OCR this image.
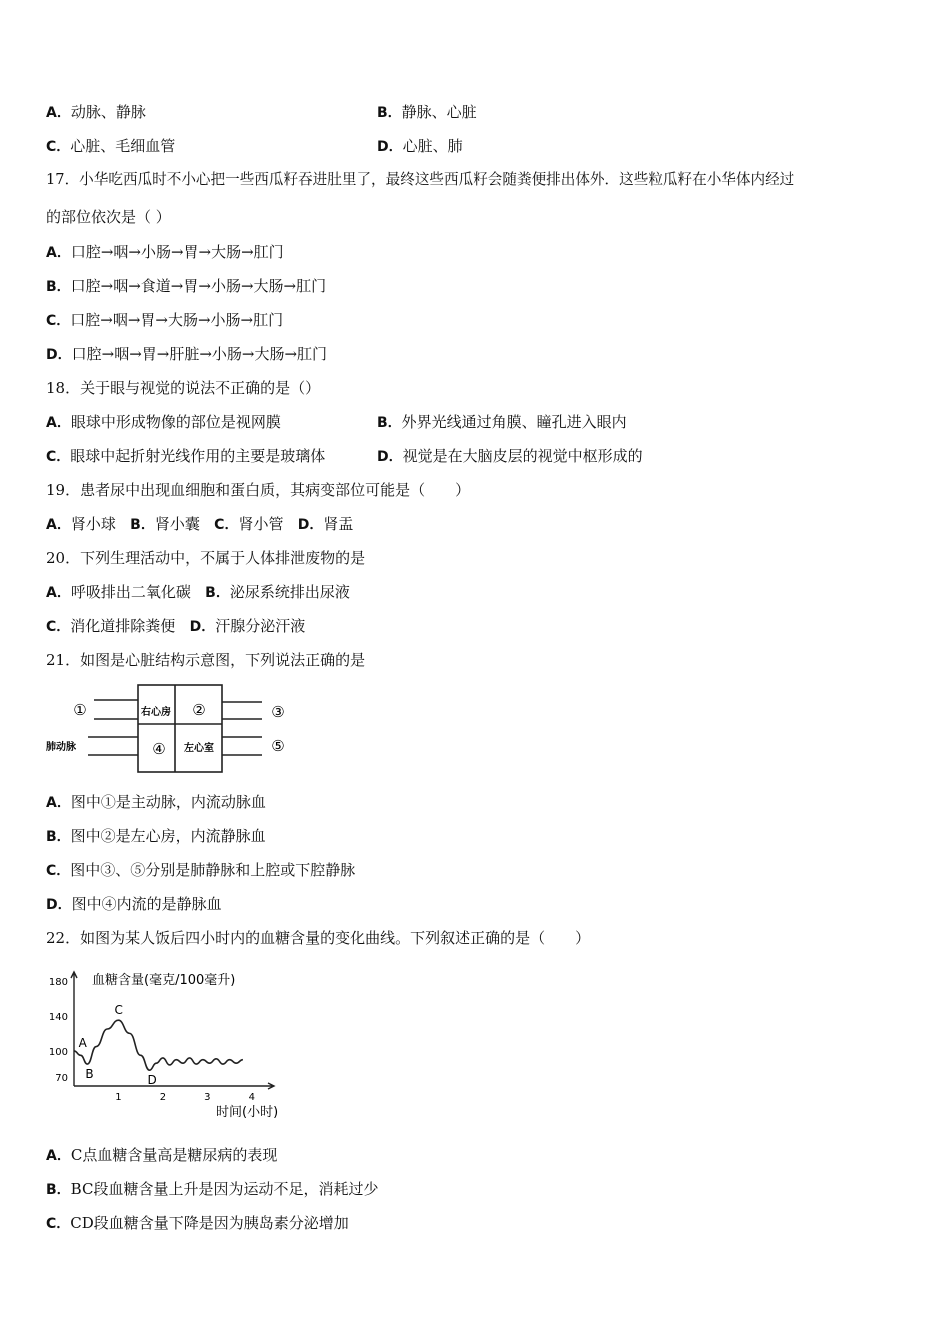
A．动脉、静脉	B．静脉、心脏
C．心脏、毛细血管	D．心脏、肺
17．小华吃西瓜时不小心把一些西瓜籽吞进肚里了，最终这些西瓜籽会随粪便排出体外．这些粒瓜籽在小华体内经过
的部位依次是（ ）
A．口腔→咽→小肠→胃→大肠→肛门
B．口腔→咽→食道→胃→小肠→大肠→肛门
C．口腔→咽→胃→大肠→小肠→肛门
D．口腔→咽→胃→肝脏→小肠→大肠→肛门
18．关于眼与视觉的说法不正确的是（）
A．眼球中形成物像的部位是视网膜	B．外界光线通过角膜、瞳孔进入眼内
C．眼球中起折射光线作用的主要是玻璃体	D．视觉是在大脑皮层的视觉中枢形成的
19．患者尿中出现血细胞和蛋白质，其病变部位可能是（　　）
A．肾小球 B．肾小囊 C．肾小管 D．肾盂
20．下列生理活动中，不属于人体排泄废物的是
A．呼吸排出二氧化碳 B．泌尿系统排出尿液
C．消化道排除粪便 D．汗腺分泌汗液
21．如图是心脏结构示意图，下列说法正确的是
①	③
⑤
②
④
右心房
左心室
肺动脉
A．图中①是主动脉，内流动脉血
B．图中②是左心房，内流静脉血
C．图中③、⑤分别是肺静脉和上腔或下腔静脉
D．图中④内流的是静脉血
22．如图为某人饭后四小时内的血糖含量的变化曲线。下列叙述正确的是（　　）
1	2	3	4
70
100
140
180
A
B
C
D
血糖含量(毫克/100毫升)
时间(小时)
A．C点血糖含量高是糖尿病的表现
B．BC段血糖含量上升是因为运动不足，消耗过少
C．CD段血糖含量下降是因为胰岛素分泌增加
